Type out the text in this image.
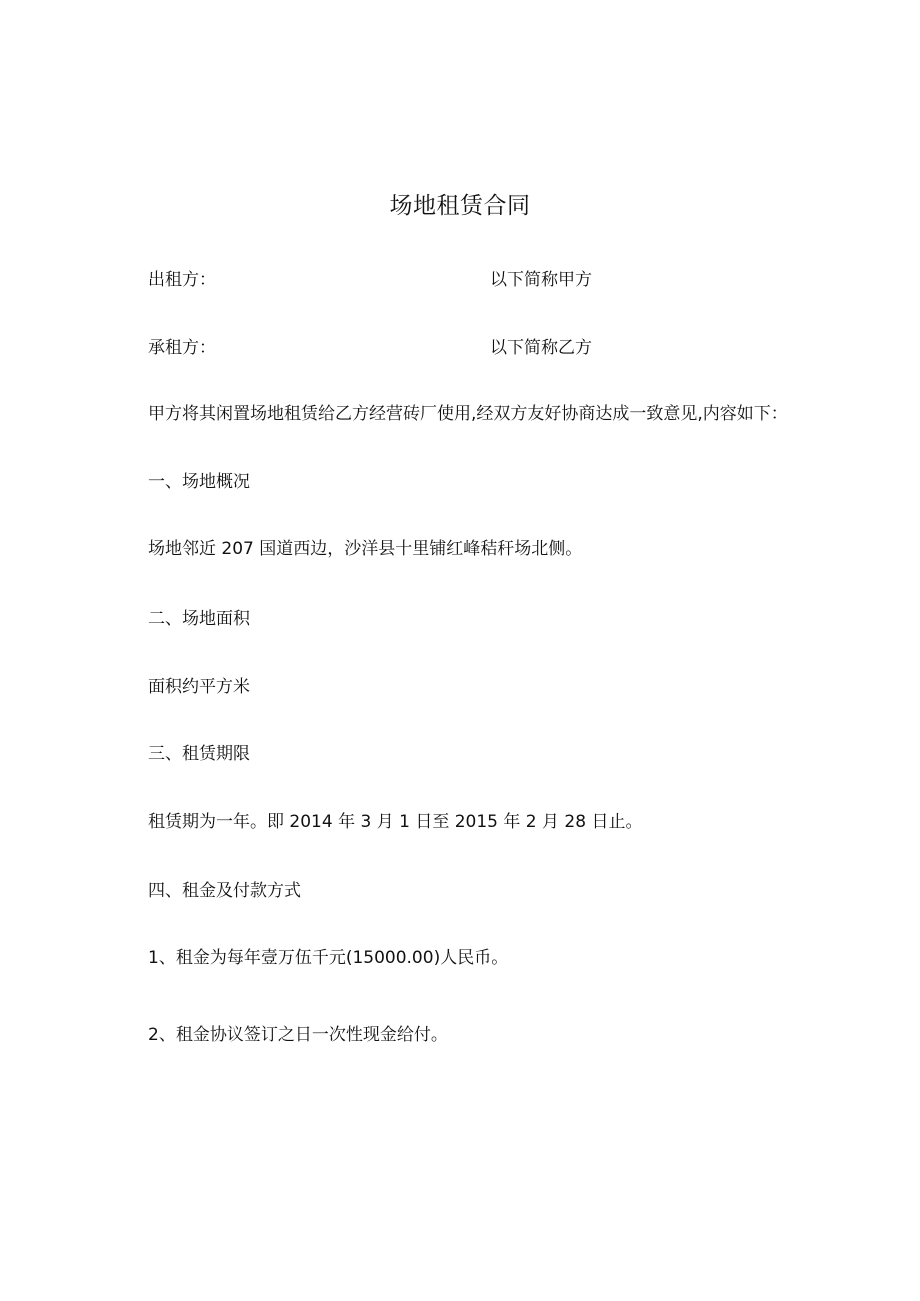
场地租赁合同
出租方：	以下简称甲方
承租方：	以下简称乙方
甲方将其闲置场地租赁给乙方经营砖厂使用,经双方友好协商达成一致意见,内容如下：
一、场地概况
场地邻近 207 国道西边，沙洋县十里铺红峰秸秆场北侧。
二、场地面积
面积约平方米
三、租赁期限
租赁期为一年。即 2014 年 3 月 1 日至 2015 年 2 月 28 日止。
四、租金及付款方式
1、租金为每年壹万伍千元(15000.00)人民币。
2、租金协议签订之日一次性现金给付。
